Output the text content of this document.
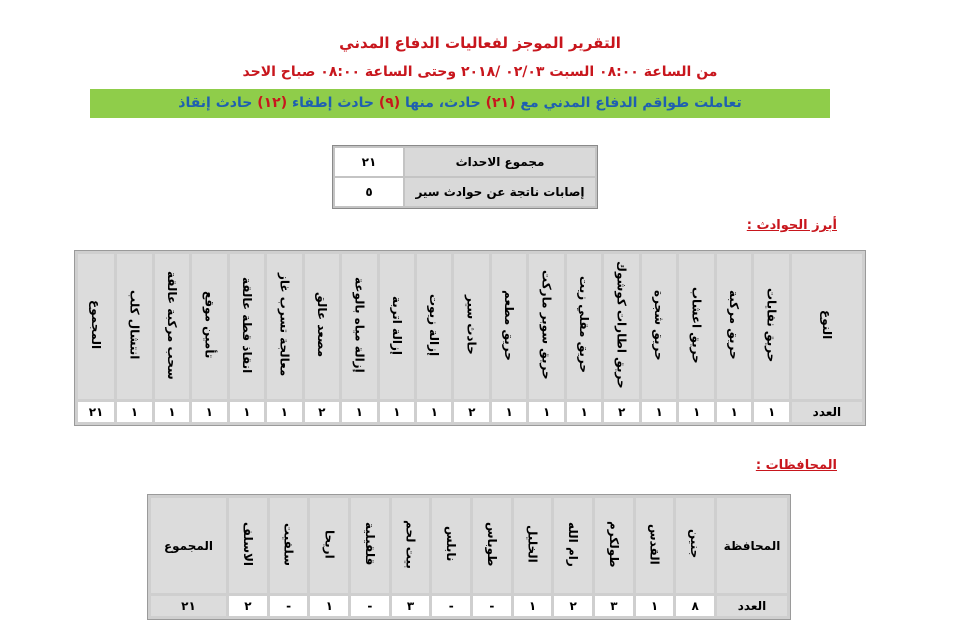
التقرير الموجز لفعاليات الدفاع المدني
من الساعة ٠٨:٠٠ السبت ٠٢/٠٣ /٢٠١٨ وحتى الساعة ٠٨:٠٠ صباح الاحد
تعاملت طواقم الدفاع المدني مع (٢١) حادث، منها (٩) حادث إطفاء (١٢) حادث إنقاذ
مجموع الاحداث	٢١
إصابات ناتجة عن حوادث سير	٥
أبرز الحوادث :
النوع	حريق نفايات	حريق مركبة	حريق اعشاب	حريق شجرة	حريق اطارات كوشوك	حريق مقلي زيت	حريق سوبر ماركت	حريق مطعم	حادث سير	إزالة زيوت	إزالة اتربة	إزالة مياه بالوعة	مصعد عالق	معالجة تسرب غاز	انقاذ قطة عالقة	تأمين موقع	سحب مركبة عالقة	انتشال كلب	المجموع
العدد	١	١	١	١	٢	١	١	١	٢	١	١	١	٢	١	١	١	١	١	٢١
المحافظات :
المحافظة	جنين	القدس	طولكرم	رام الله	الخليل	طوباس	نابلس	بيت لحم	قلقيلية	اريحا	سلفيت	الاسلف	المجموع
العدد	٨	١	٣	٢	١	-	-	٣	-	١	-	٢	٢١
